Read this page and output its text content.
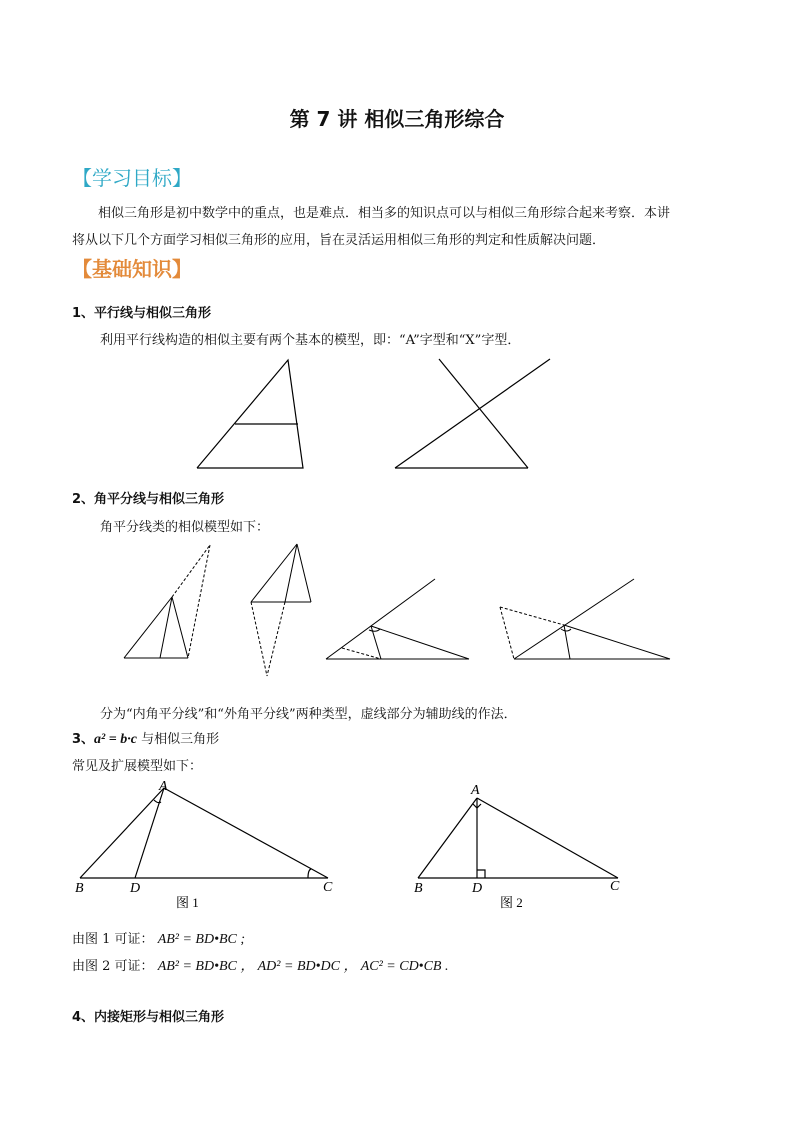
第 7 讲 相似三角形综合
【学习目标】
相似三角形是初中数学中的重点，也是难点．相当多的知识点可以与相似三角形综合起来考察．本讲
将从以下几个方面学习相似三角形的应用，旨在灵活运用相似三角形的判定和性质解决问题．
【基础知识】
1、平行线与相似三角形
利用平行线构造的相似主要有两个基本的模型，即：“A”字型和“X”字型．
2、角平分线与相似三角形
角平分线类的相似模型如下：
分为“内角平分线”和“外角平分线”两种类型，虚线部分为辅助线的作法．
3、a² = b·c 与相似三角形
常见及扩展模型如下：
A
B	D	C
图 1
A
B	D	C
图 2
由图 1 可证： AB² = BD•BC ;
由图 2 可证： AB² = BD•BC ， AD² = BD•DC ， AC² = CD•CB .
4、内接矩形与相似三角形
